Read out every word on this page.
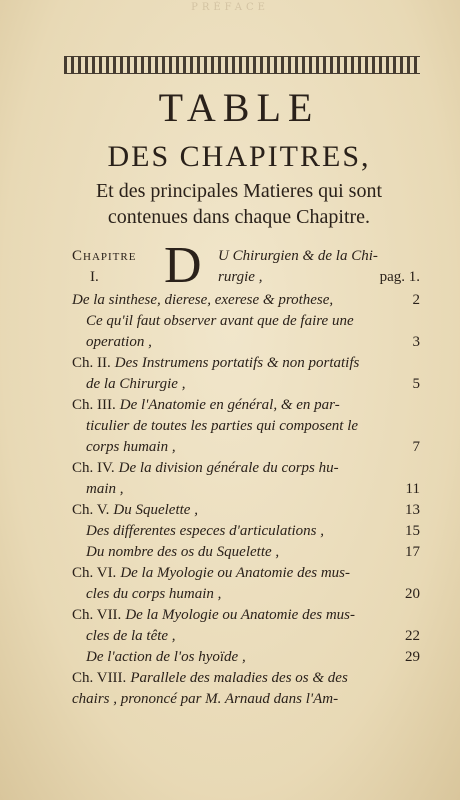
PRÉFACE
TABLE
DES CHAPITRES,
Et des principales Matieres qui sont
contenues dans chaque Chapitre.
Chapitre
I. D U Chirurgien & de la Chi-
rurgie ,	pag. 1.
De la sinthese, dierese, exerese & prothese,	2
Ce qu'il faut observer avant que de faire une
operation ,	3
Ch. II. Des Instrumens portatifs & non portatifs
de la Chirurgie ,	5
Ch. III. De l'Anatomie en général, & en par-
ticulier de toutes les parties qui composent le
corps humain ,	7
Ch. IV. De la division générale du corps hu-
main ,	11
Ch. V. Du Squelette ,	13
Des differentes especes d'articulations ,	15
Du nombre des os du Squelette ,	17
Ch. VI. De la Myologie ou Anatomie des mus-
cles du corps humain ,	20
Ch. VII. De la Myologie ou Anatomie des mus-
cles de la tête ,	22
De l'action de l'os hyoïde ,	29
Ch. VIII. Parallele des maladies des os & des
chairs , prononcé par M. Arnaud dans l'Am-
